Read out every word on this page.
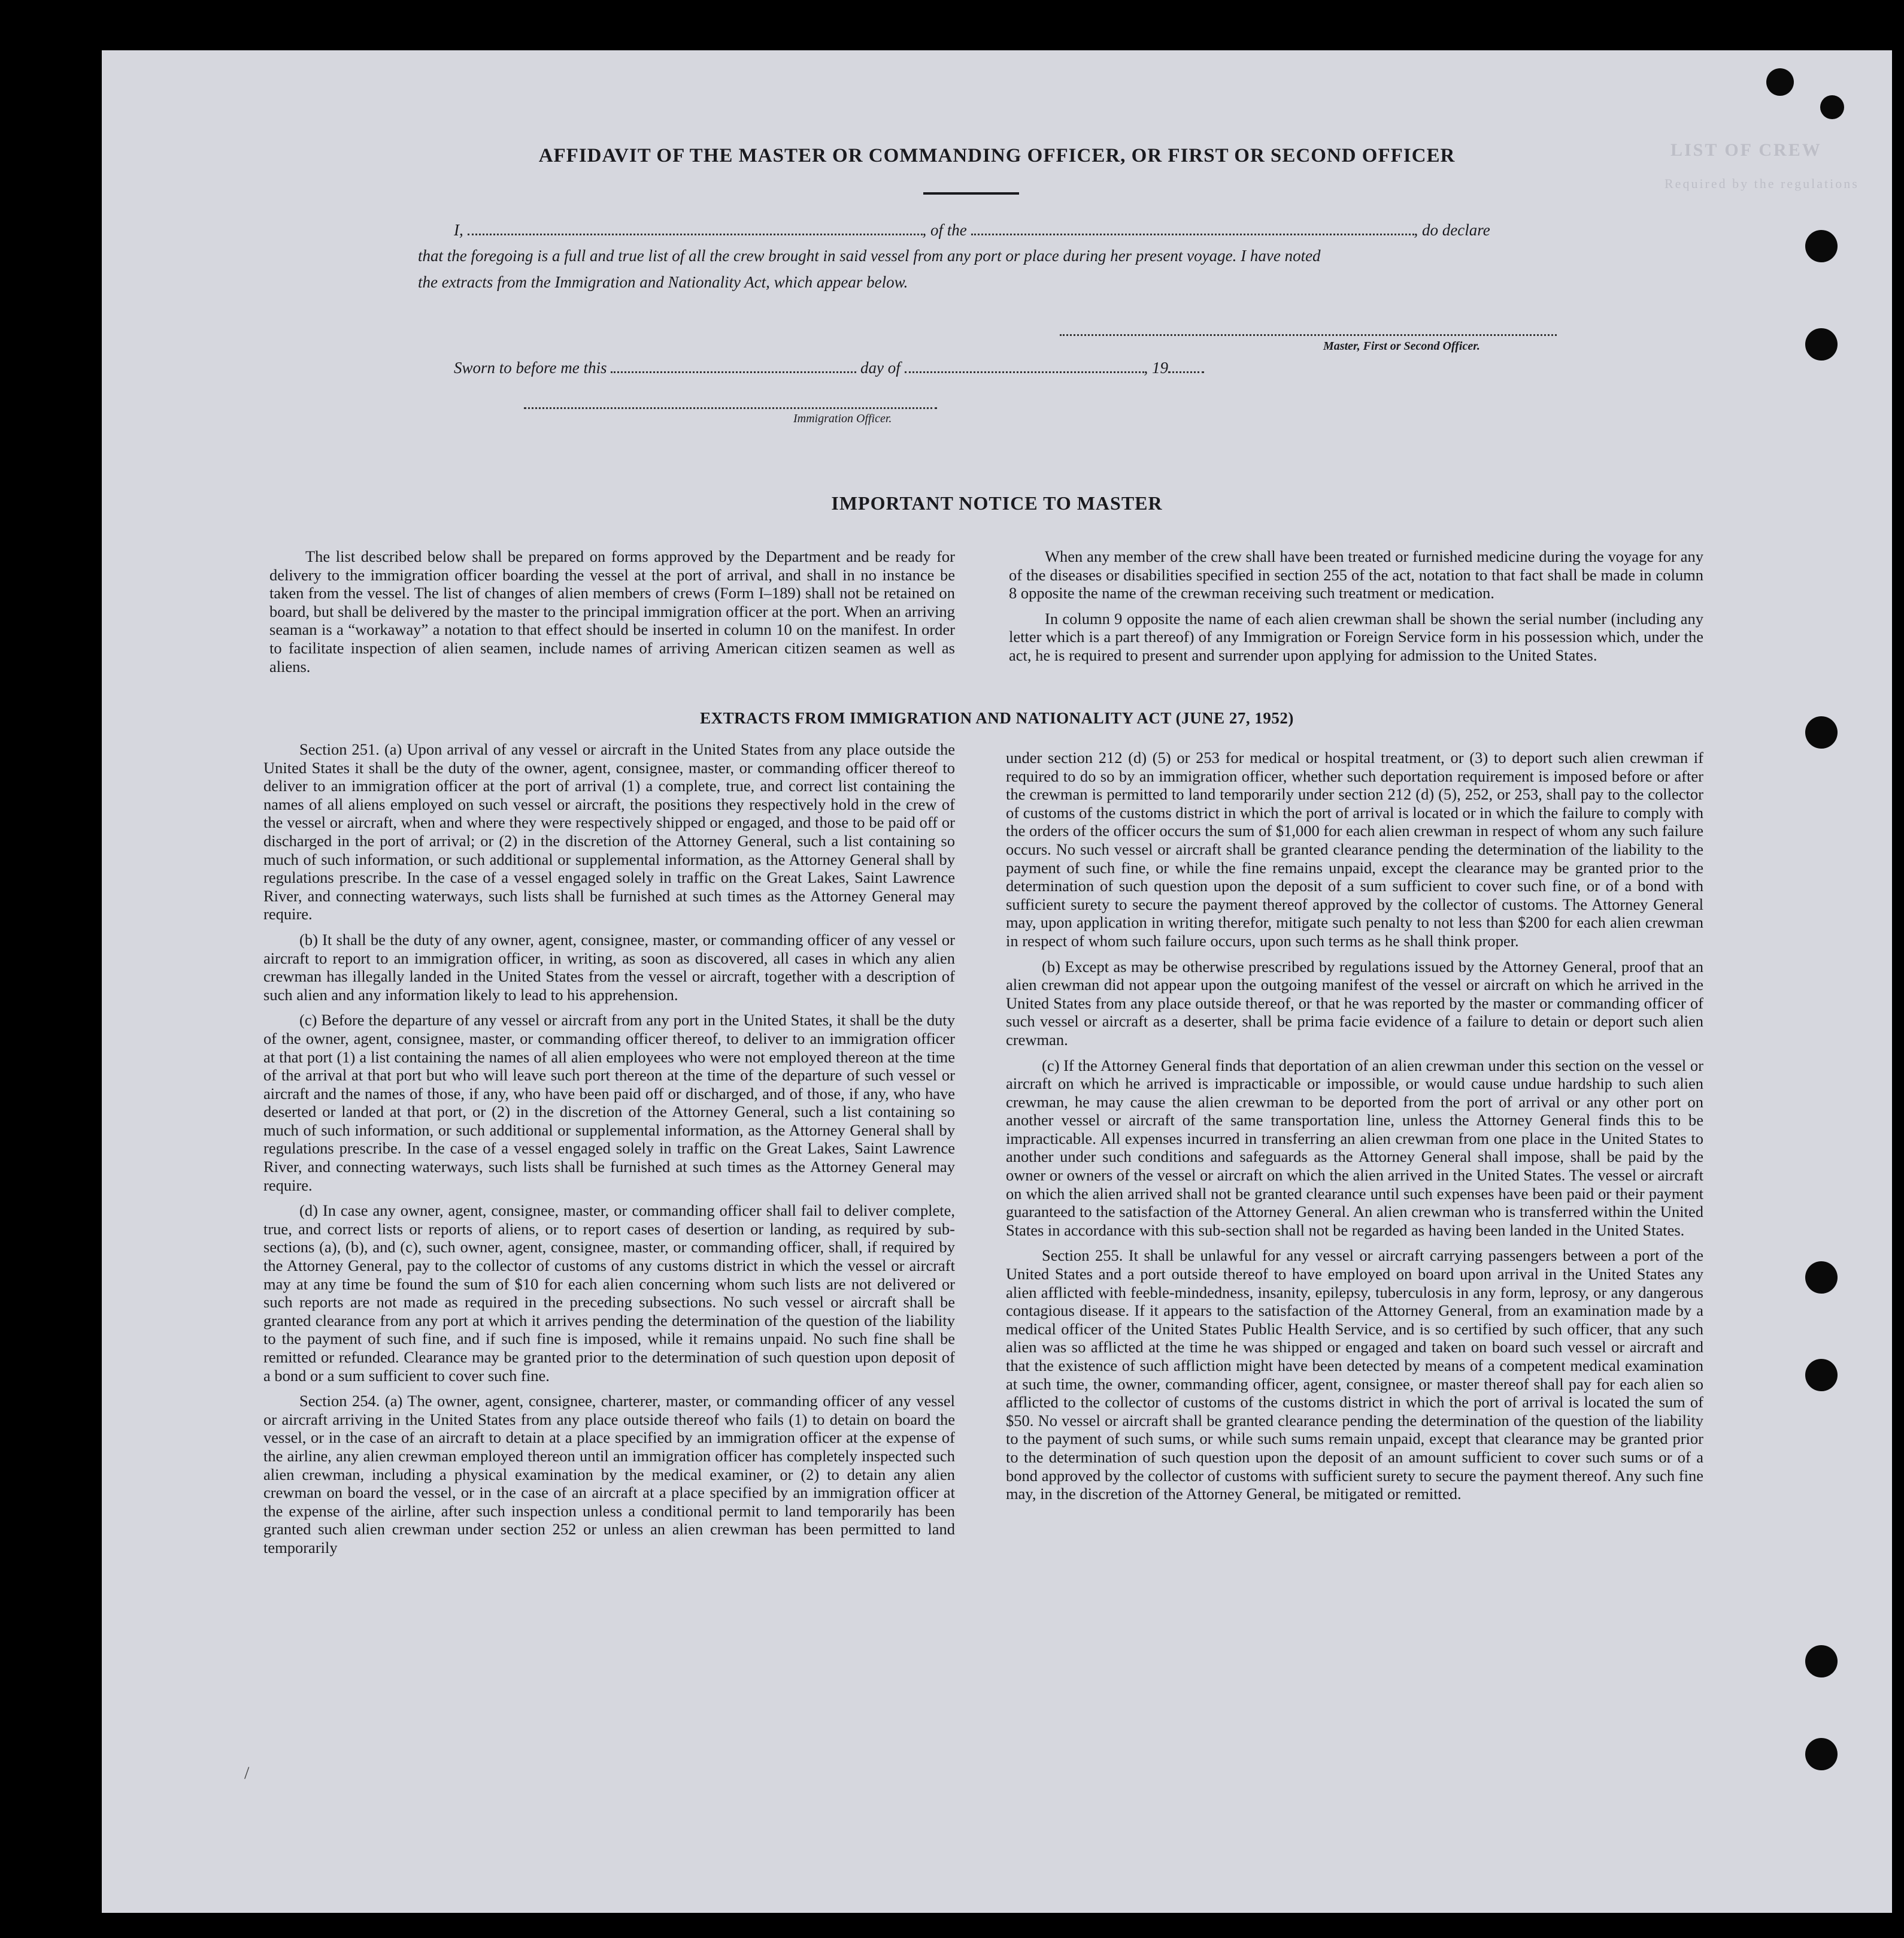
LIST OF CREW
Required by the regulations
AFFIDAVIT OF THE MASTER OR COMMANDING OFFICER, OR FIRST OR SECOND OFFICER
I,	, of the	, do declare
that the foregoing is a full and true list of all the crew brought in said vessel from any port or place during her present voyage. I have noted
the extracts from the Immigration and Nationality Act, which appear below.
Master, First or Second Officer.
Sworn to before me this	day of	, 19
Immigration Officer.
IMPORTANT NOTICE TO MASTER

The list described below shall be prepared on forms approved by the Department and be ready for delivery to the immigration officer boarding the vessel at the port of arrival, and shall in no instance be taken from the vessel. The list of changes of alien members of crews (Form I–189) shall not be retained on board, but shall be delivered by the master to the principal immigration officer at the port. When an arriving seaman is a “workaway” a notation to that effect should be inserted in column 10 on the manifest. In order to facilitate inspection of alien seamen, include names of arriving American citizen seamen as well as aliens.

When any member of the crew shall have been treated or furnished medicine during the voyage for any of the diseases or disabilities specified in section 255 of the act, notation to that fact shall be made in column 8 opposite the name of the crewman receiving such treatment or medication.

In column 9 opposite the name of each alien crewman shall be shown the serial number (including any letter which is a part thereof) of any Immigration or Foreign Service form in his possession which, under the act, he is required to present and surrender upon applying for admission to the United States.

EXTRACTS FROM IMMIGRATION AND NATIONALITY ACT (JUNE 27, 1952)

Section 251. (a) Upon arrival of any vessel or aircraft in the United States from any place outside the United States it shall be the duty of the owner, agent, consignee, master, or commanding officer thereof to deliver to an immigration officer at the port of arrival (1) a complete, true, and correct list containing the names of all aliens employed on such vessel or aircraft, the positions they respectively hold in the crew of the vessel or aircraft, when and where they were respectively shipped or engaged, and those to be paid off or discharged in the port of arrival; or (2) in the discretion of the Attorney General, such a list containing so much of such information, or such additional or supplemental information, as the Attorney General shall by regulations prescribe. In the case of a vessel engaged solely in traffic on the Great Lakes, Saint Lawrence River, and connecting waterways, such lists shall be furnished at such times as the Attorney General may require.

(b) It shall be the duty of any owner, agent, consignee, master, or commanding officer of any vessel or aircraft to report to an immigration officer, in writing, as soon as discovered, all cases in which any alien crewman has illegally landed in the United States from the vessel or aircraft, together with a description of such alien and any information likely to lead to his apprehension.

(c) Before the departure of any vessel or aircraft from any port in the United States, it shall be the duty of the owner, agent, consignee, master, or commanding officer thereof, to deliver to an immigration officer at that port (1) a list containing the names of all alien employees who were not employed thereon at the time of the arrival at that port but who will leave such port thereon at the time of the departure of such vessel or aircraft and the names of those, if any, who have been paid off or discharged, and of those, if any, who have deserted or landed at that port, or (2) in the discretion of the Attorney General, such a list containing so much of such information, or such additional or supplemental information, as the Attorney General shall by regulations prescribe. In the case of a vessel engaged solely in traffic on the Great Lakes, Saint Lawrence River, and connecting waterways, such lists shall be furnished at such times as the Attorney General may require.

(d) In case any owner, agent, consignee, master, or commanding officer shall fail to deliver complete, true, and correct lists or reports of aliens, or to report cases of desertion or landing, as required by sub-sections (a), (b), and (c), such owner, agent, consignee, master, or commanding officer, shall, if required by the Attorney General, pay to the collector of customs of any customs district in which the vessel or aircraft may at any time be found the sum of $10 for each alien concerning whom such lists are not delivered or such reports are not made as required in the preceding subsections. No such vessel or aircraft shall be granted clearance from any port at which it arrives pending the determination of the question of the liability to the payment of such fine, and if such fine is imposed, while it remains unpaid. No such fine shall be remitted or refunded. Clearance may be granted prior to the determination of such question upon deposit of a bond or a sum sufficient to cover such fine.

Section 254. (a) The owner, agent, consignee, charterer, master, or commanding officer of any vessel or aircraft arriving in the United States from any place outside thereof who fails (1) to detain on board the vessel, or in the case of an aircraft to detain at a place specified by an immigration officer at the expense of the airline, any alien crewman employed thereon until an immigration officer has completely inspected such alien crewman, including a physical examination by the medical examiner, or (2) to detain any alien crewman on board the vessel, or in the case of an aircraft at a place specified by an immigration officer at the expense of the airline, after such inspection unless a conditional permit to land temporarily has been granted such alien crewman under section 252 or unless an alien crewman has been permitted to land temporarily

under section 212 (d) (5) or 253 for medical or hospital treatment, or (3) to deport such alien crewman if required to do so by an immigration officer, whether such deportation requirement is imposed before or after the crewman is permitted to land temporarily under section 212 (d) (5), 252, or 253, shall pay to the collector of customs of the customs district in which the port of arrival is located or in which the failure to comply with the orders of the officer occurs the sum of $1,000 for each alien crewman in respect of whom any such failure occurs. No such vessel or aircraft shall be granted clearance pending the determination of the liability to the payment of such fine, or while the fine remains unpaid, except the clearance may be granted prior to the determination of such question upon the deposit of a sum sufficient to cover such fine, or of a bond with sufficient surety to secure the payment thereof approved by the collector of customs. The Attorney General may, upon application in writing therefor, mitigate such penalty to not less than $200 for each alien crewman in respect of whom such failure occurs, upon such terms as he shall think proper.

(b) Except as may be otherwise prescribed by regulations issued by the Attorney General, proof that an alien crewman did not appear upon the outgoing manifest of the vessel or aircraft on which he arrived in the United States from any place outside thereof, or that he was reported by the master or commanding officer of such vessel or aircraft as a deserter, shall be prima facie evidence of a failure to detain or deport such alien crewman.

(c) If the Attorney General finds that deportation of an alien crewman under this section on the vessel or aircraft on which he arrived is impracticable or impossible, or would cause undue hardship to such alien crewman, he may cause the alien crewman to be deported from the port of arrival or any other port on another vessel or aircraft of the same transportation line, unless the Attorney General finds this to be impracticable. All expenses incurred in transferring an alien crewman from one place in the United States to another under such conditions and safeguards as the Attorney General shall impose, shall be paid by the owner or owners of the vessel or aircraft on which the alien arrived in the United States. The vessel or aircraft on which the alien arrived shall not be granted clearance until such expenses have been paid or their payment guaranteed to the satisfaction of the Attorney General. An alien crewman who is transferred within the United States in accordance with this sub-section shall not be regarded as having been landed in the United States.

Section 255. It shall be unlawful for any vessel or aircraft carrying passengers between a port of the United States and a port outside thereof to have employed on board upon arrival in the United States any alien afflicted with feeble-mindedness, insanity, epilepsy, tuberculosis in any form, leprosy, or any dangerous contagious disease. If it appears to the satisfaction of the Attorney General, from an examination made by a medical officer of the United States Public Health Service, and is so certified by such officer, that any such alien was so afflicted at the time he was shipped or engaged and taken on board such vessel or aircraft and that the existence of such affliction might have been detected by means of a competent medical examination at such time, the owner, commanding officer, agent, consignee, or master thereof shall pay for each alien so afflicted to the collector of customs of the customs district in which the port of arrival is located the sum of $50. No vessel or aircraft shall be granted clearance pending the determination of the question of the liability to the payment of such sums, or while such sums remain unpaid, except that clearance may be granted prior to the determination of such question upon the deposit of an amount sufficient to cover such sums or of a bond approved by the collector of customs with sufficient surety to secure the payment thereof. Any such fine may, in the discretion of the Attorney General, be mitigated or remitted.

/
